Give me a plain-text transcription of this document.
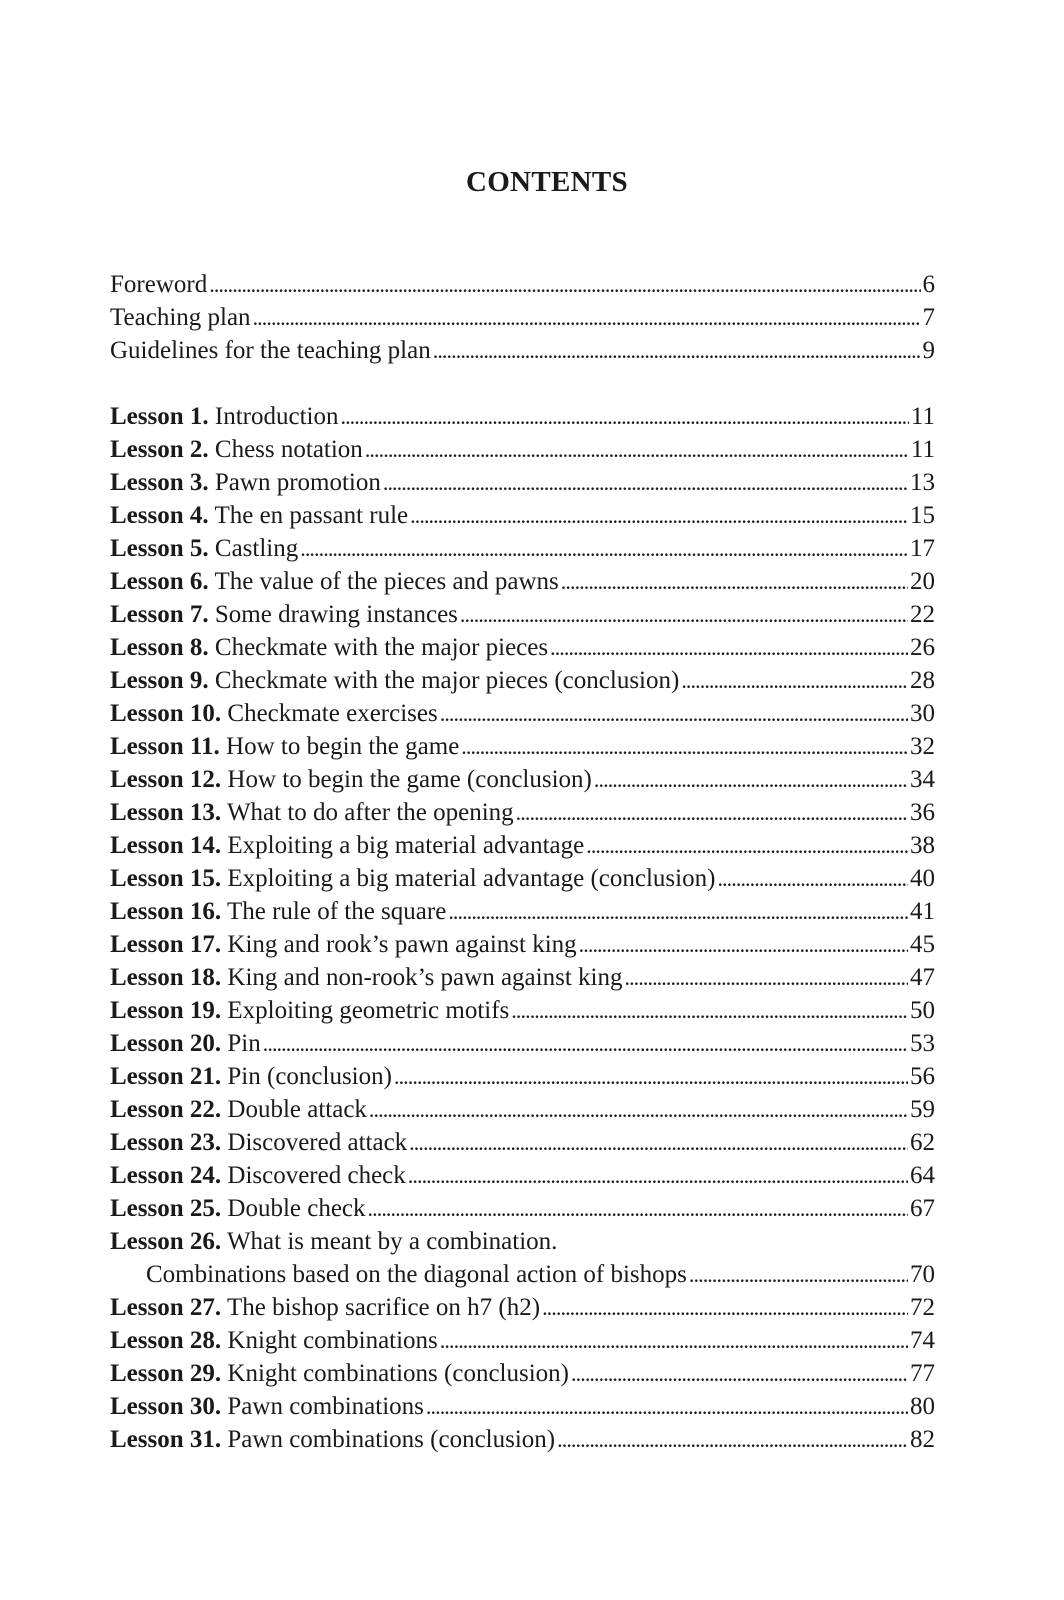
CONTENTS
Foreword . . .	6
Teaching plan . . .	7
Guidelines for the teaching plan . . .	9
Lesson 1. Introduction . . .	11
Lesson 2. Chess notation . . .	11
Lesson 3. Pawn promotion . . .	13
Lesson 4. The en passant rule . . .	15
Lesson 5. Castling . . .	17
Lesson 6. The value of the pieces and pawns . . .	20
Lesson 7. Some drawing instances . . .	22
Lesson 8. Checkmate with the major pieces . . .	26
Lesson 9. Checkmate with the major pieces (conclusion) . . .	28
Lesson 10. Checkmate exercises . . .	30
Lesson 11. How to begin the game . . .	32
Lesson 12. How to begin the game (conclusion) . . .	34
Lesson 13. What to do after the opening . . .	36
Lesson 14. Exploiting a big material advantage . . .	38
Lesson 15. Exploiting a big material advantage (conclusion) . . .	40
Lesson 16. The rule of the square . . .	41
Lesson 17. King and rook’s pawn against king . . .	45
Lesson 18. King and non-rook’s pawn against king . . .	47
Lesson 19. Exploiting geometric motifs . . .	50
Lesson 20. Pin . . .	53
Lesson 21. Pin (conclusion) . . .	56
Lesson 22. Double attack . . .	59
Lesson 23. Discovered attack . . .	62
Lesson 24. Discovered check . . .	64
Lesson 25. Double check . . .	67
Lesson 26. What is meant by a combination.
Combinations based on the diagonal action of bishops . . .	70
Lesson 27. The bishop sacrifice on h7 (h2) . . .	72
Lesson 28. Knight combinations . . .	74
Lesson 29. Knight combinations (conclusion) . . .	77
Lesson 30. Pawn combinations . . .	80
Lesson 31. Pawn combinations (conclusion) . . .	82
